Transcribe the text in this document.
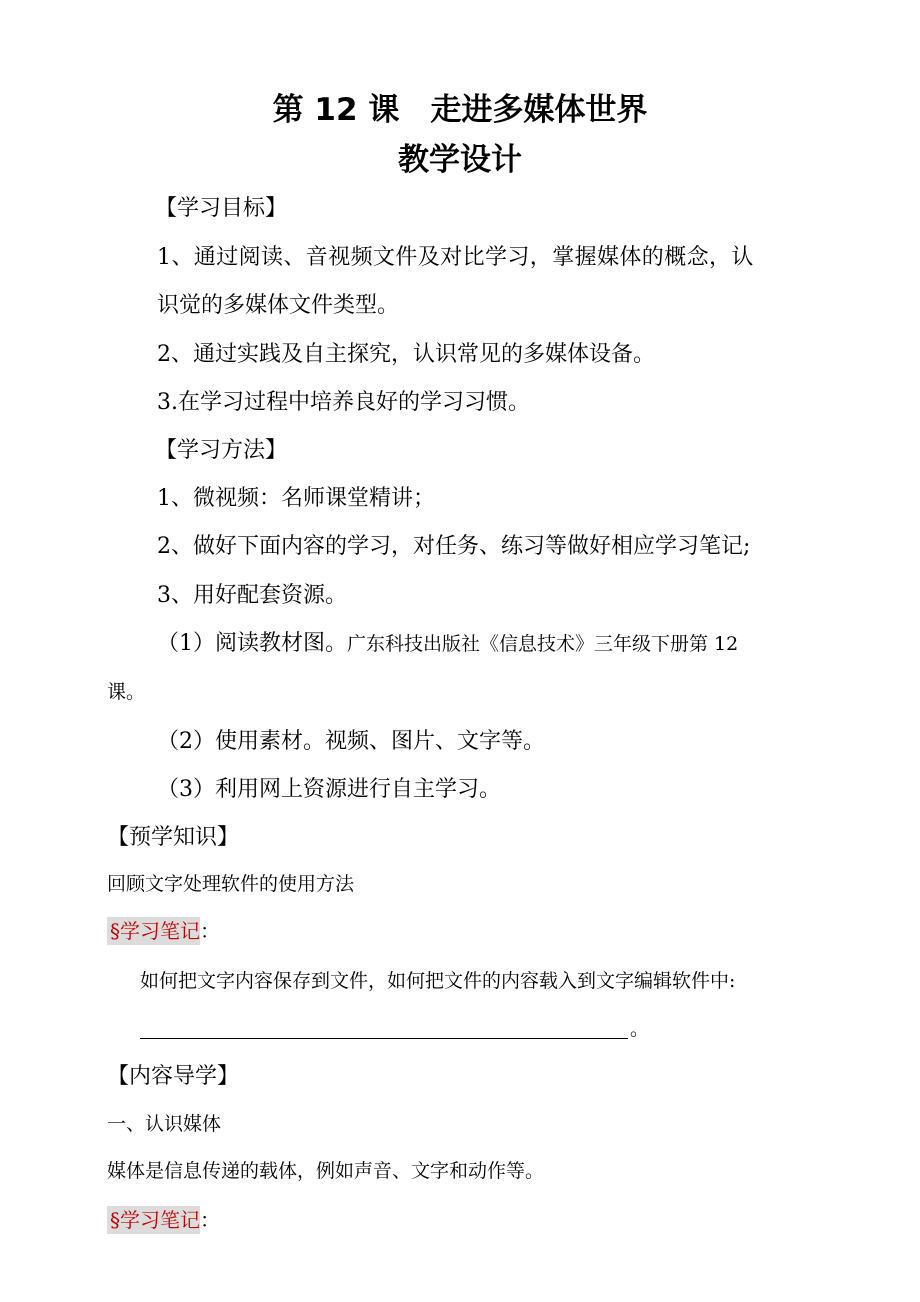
第 12 课　走进多媒体世界
教学设计
【学习目标】
1、通过阅读、音视频文件及对比学习，掌握媒体的概念，认
识觉的多媒体文件类型。
2、通过实践及自主探究，认识常见的多媒体设备。
3.在学习过程中培养良好的学习习惯。
【学习方法】
1、微视频：名师课堂精讲；
2、做好下面内容的学习，对任务、练习等做好相应学习笔记;
3、用好配套资源。
（1）阅读教材图。广东科技出版社《信息技术》三年级下册第 12
课。
（2）使用素材。视频、图片、文字等。
（3）利用网上资源进行自主学习。
【预学知识】
回顾文字处理软件的使用方法
§学习笔记：
如何把文字内容保存到文件，如何把文件的内容载入到文字编辑软件中:
。
【内容导学】
一、认识媒体
媒体是信息传递的载体，例如声音、文字和动作等。
§学习笔记：
